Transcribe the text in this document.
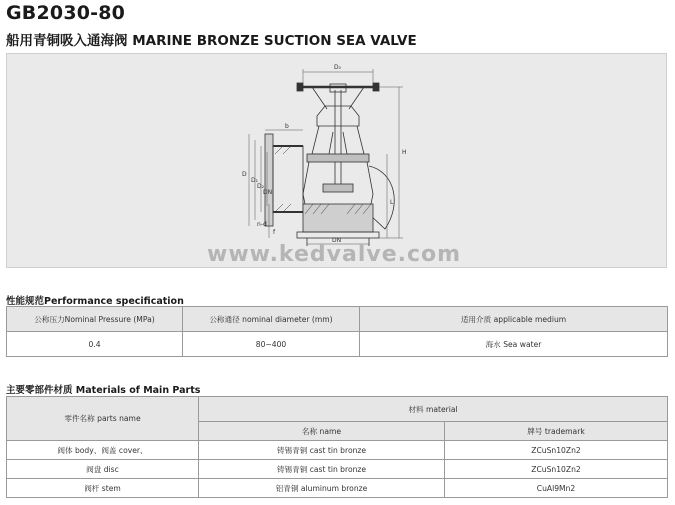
GB2030-80
船用青铜吸入通海阀 MARINE BRONZE SUCTION SEA VALVE
D₀
H
L
b
D
D₁
D₂
DN
DN
n-d
f
www.kedvalve.com
性能规范Performance specification
公称压力Nominal Pressure (MPa)	公称通径 nominal diameter (mm)	适用介质 applicable medium
0.4	80~400	海水 Sea water
主要零部件材质 Materials of Main Parts
零件名称 parts name	材料 material	
	名称 name	牌号 trademark
阀体 body、阀盖 cover、	铸锡青铜 cast tin bronze	ZCuSn10Zn2
阀盘 disc	铸锡青铜 cast tin bronze	ZCuSn10Zn2
阀杆 stem	铝青铜 aluminum bronze	CuAl9Mn2
